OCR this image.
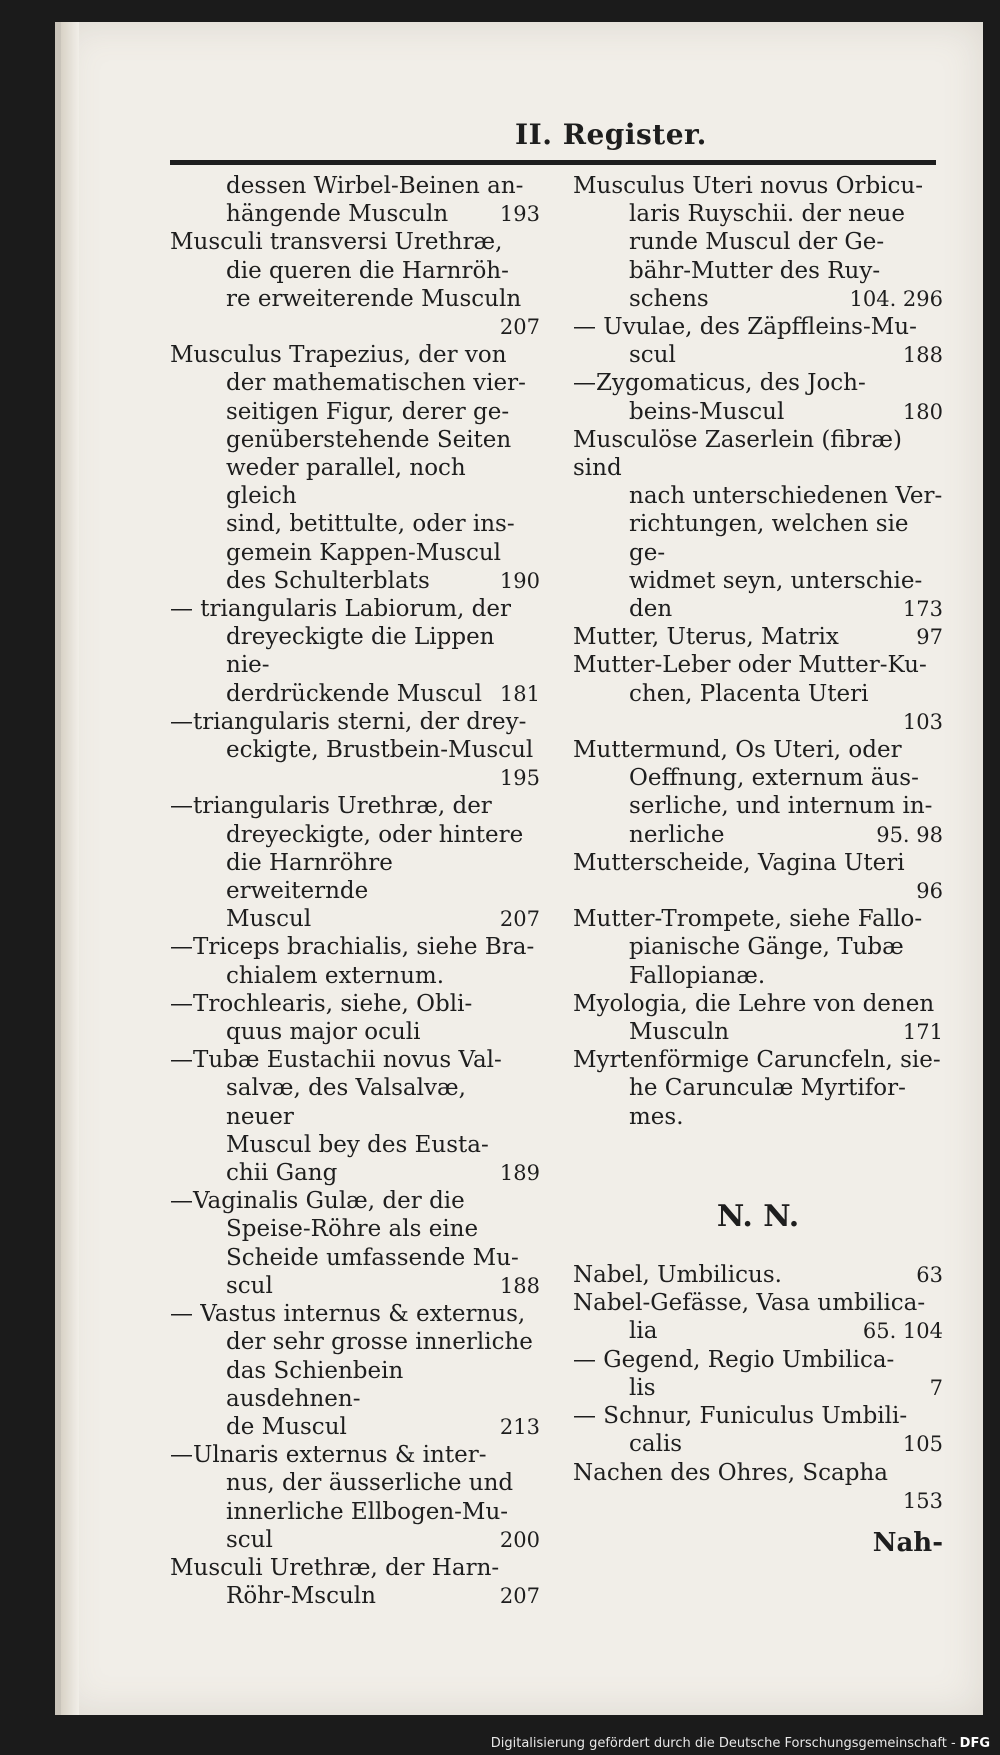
II. Register.

dessen Wirbel-Beinen an-

193
hängende Musculn

Musculi transversi Urethræ,

die queren die Harnröh-

re erweiterende Musculn

207

Musculus Trapezius, der von

der mathematischen vier-

seitigen Figur, derer ge-

genüberstehende Seiten

weder parallel, noch gleich

sind, betittulte, oder ins-

gemein Kappen-Muscul

190
des Schulterblats

— triangularis Labiorum, der

dreyeckigte die Lippen nie-

181
derdrückende Muscul

—triangularis sterni, der drey-

eckigte, Brustbein-Muscul

195

—triangularis Urethræ, der

dreyeckigte, oder hintere

die Harnröhre erweiternde

207
Muscul

—Triceps brachialis, siehe Bra-

chialem externum.

—Trochlearis, siehe, Obli-

quus major oculi

—Tubæ Eustachii novus Val-

salvæ, des Valsalvæ, neuer

Muscul bey des Eusta-

189
chii Gang

—Vaginalis Gulæ, der die

Speise-Röhre als eine

Scheide umfassende Mu-

188
scul

— Vastus internus & externus,

der sehr grosse innerliche

das Schienbein ausdehnen-

213
de Muscul

—Ulnaris externus & inter-

nus, der äusserliche und

innerliche Ellbogen-Mu-

200
scul

Musculi Urethræ, der Harn-

207
Röhr-Msculn

Musculus Uteri novus Orbicu-

laris Ruyschii. der neue

runde Muscul der Ge-

bähr-Mutter des Ruy-

104. 296
schens

— Uvulae, des Zäpffleins-Mu-

188
scul

—Zygomaticus, des Joch-

180
beins-Muscul

Musculöse Zaserlein (fibræ) sind

nach unterschiedenen Ver-

richtungen, welchen sie ge-

widmet seyn, unterschie-

173
den

97
Mutter, Uterus, Matrix

Mutter-Leber oder Mutter-Ku-

chen, Placenta Uteri

103

Muttermund, Os Uteri, oder

Oeffnung, externum äus-

serliche, und internum in-

95. 98
nerliche

Mutterscheide, Vagina Uteri

96

Mutter-Trompete, siehe Fallo-

pianische Gänge, Tubæ

Fallopianæ.

Myologia, die Lehre von denen

171
Musculn

Myrtenförmige Caruncfeln, sie-

he Carunculæ Myrtifor-

mes.

N. N.

63
Nabel, Umbilicus.

Nabel-Gefässe, Vasa umbilica-

65. 104
lia

— Gegend, Regio Umbilica-

7
lis

— Schnur, Funiculus Umbili-

105
calis

Nachen des Ohres, Scapha

153
Nah-
Digitalisierung gefördert durch die Deutsche Forschungsgemeinschaft - DFG
